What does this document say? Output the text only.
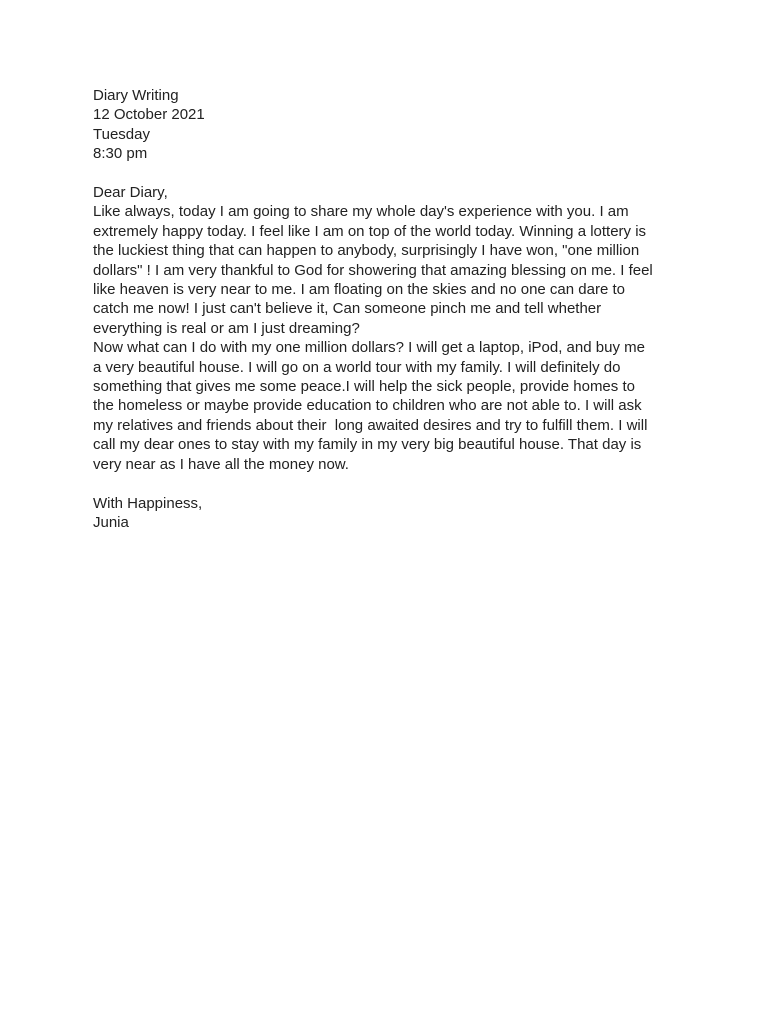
Diary Writing
12 October 2021
Tuesday
8:30 pm
Dear Diary,
Like always, today I am going to share my whole day's experience with you. I am
extremely happy today. I feel like I am on top of the world today. Winning a lottery is
the luckiest thing that can happen to anybody, surprisingly I have won, "one million
dollars" ! I am very thankful to God for showering that amazing blessing on me. I feel
like heaven is very near to me. I am floating on the skies and no one can dare to
catch me now! I just can't believe it, Can someone pinch me and tell whether
everything is real or am I just dreaming?
Now what can I do with my one million dollars? I will get a laptop, iPod, and buy me
a very beautiful house. I will go on a world tour with my family. I will definitely do
something that gives me some peace.I will help the sick people, provide homes to
the homeless or maybe provide education to children who are not able to. I will ask
my relatives and friends about their  long awaited desires and try to fulfill them. I will
call my dear ones to stay with my family in my very big beautiful house. That day is
very near as I have all the money now.
With Happiness,
Junia
